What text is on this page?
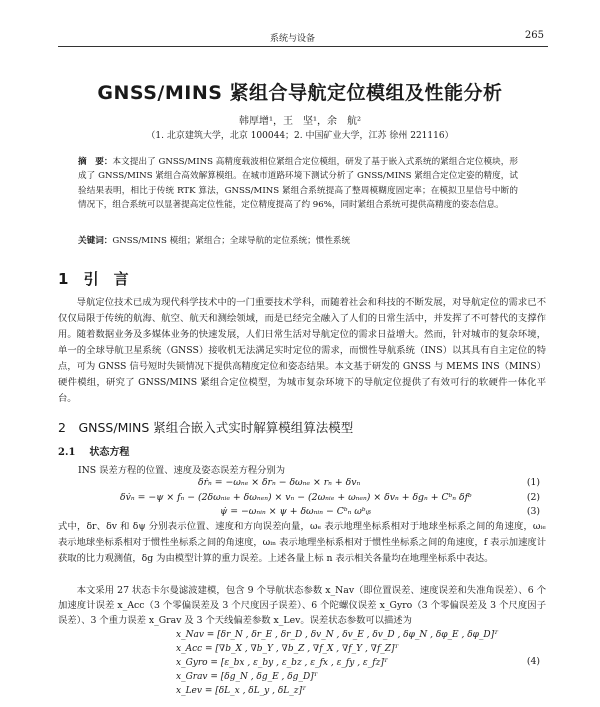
系统与设备	265
GNSS/MINS 紧组合导航定位模组及性能分析
韩厚增¹，王　坚¹，余　航²
（1. 北京建筑大学，北京 100044；2. 中国矿业大学，江苏 徐州 221116）
摘　要：本文提出了 GNSS/MINS 高精度载波相位紧组合定位模组，研发了基于嵌入式系统的紧组合定位模块，形成了 GNSS/MINS 紧组合高效解算模组。在城市道路环境下测试分析了 GNSS/MINS 紧组合定位定姿的精度，试验结果表明，相比于传统 RTK 算法，GNSS/MINS 紧组合系统提高了整周模糊度固定率；在模拟卫星信号中断的情况下，组合系统可以显著提高定位性能，定位精度提高了约 96%，同时紧组合系统可提供高精度的姿态信息。
关键词：GNSS/MINS 模组；紧组合；全球导航的定位系统；惯性系统
1 引　言
导航定位技术已成为现代科学技术中的一门重要技术学科，而随着社会和科技的不断发展，对导航定位的需求已不仅仅局限于传统的航海、航空、航天和测绘领域，而是已经完全融入了人们的日常生活中，并发挥了不可替代的支撑作用。随着数据业务及多媒体业务的快速发展，人们日常生活对导航定位的需求日益增大。然而，针对城市的复杂环境，单一的全球导航卫星系统（GNSS）接收机无法满足实时定位的需求，而惯性导航系统（INS）以其具有自主定位的特点，可为 GNSS 信号短时失锁情况下提供高精度定位和姿态结果。本文基于研发的 GNSS 与 MEMS INS（MINS）硬件模组，研究了 GNSS/MINS 紧组合定位模型，为城市复杂环境下的导航定位提供了有效可行的软硬件一体化平台。
2　GNSS/MINS 紧组合嵌入式实时解算模组算法模型
2.1 状态方程
INS 误差方程的位置、速度及姿态误差方程分别为
δṙₙ = −ωₙₑ × δrₙ − δωₙₑ × rₙ + δvₙ	(1)
δv̇ₙ = −ψ × fₙ − (2δωₙᵢₑ + δωₙₑₙ) × vₙ − (2ωₙᵢₑ + ωₙₑₙ) × δvₙ + δgₙ + Cᵇₙ δfᵇ	(2)
ψ̇ = −ωₙᵢₙ × ψ + δωₙᵢₙ − Cᵇₙ ωᵇᵢᵦ	(3)
式中，δr、δv 和 δψ 分别表示位置、速度和方向误差向量，ωₑ 表示地理坐标系相对于地球坐标系之间的角速度，ωᵢₑ 表示地球坐标系相对于惯性坐标系之间的角速度，ωᵢₙ 表示地理坐标系相对于惯性坐标系之间的角速度，f 表示加速度计获取的比力观测值，δg 为由模型计算的重力误差。上述各量上标 n 表示相关各量均在地理坐标系中表达。
本文采用 27 状态卡尔曼滤波建模，包含 9 个导航状态参数 x_Nav（即位置误差、速度误差和失准角误差）、6 个加速度计误差 x_Acc（3 个零偏误差及 3 个尺度因子误差）、6 个陀螺仪误差 x_Gyro（3 个零偏误差及 3 个尺度因子误差）、3 个重力误差 x_Grav 及 3 个天线偏差参数 x_Lev。误差状态参数可以描述为
x_Nav = [δr_N , δr_E , δr_D , δv_N , δv_E , δv_D , δφ_N , δφ_E , δφ_D]ᵀ
x_Acc = [∇b_X , ∇b_Y , ∇b_Z , ∇f_X , ∇f_Y , ∇f_Z]ᵀ
x_Gyro = [ε_bx , ε_by , ε_bz , ε_fx , ε_fy , ε_fz]ᵀ
x_Grav = [δg_N , δg_E , δg_D]ᵀ
x_Lev = [δL_x , δL_y , δL_z]ᵀ
(4)
